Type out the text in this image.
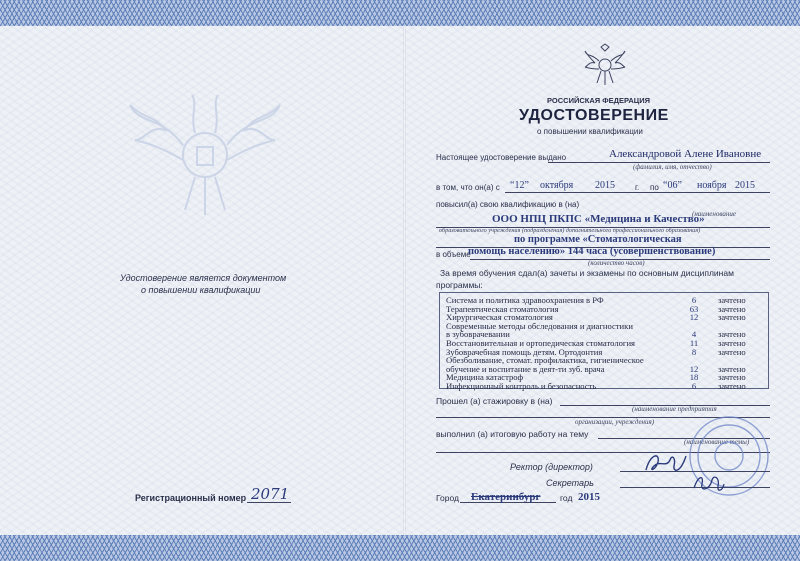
Удостоверение является документом
о повышении квалификации
Регистрационный номер 2071
РОССИЙСКАЯ ФЕДЕРАЦИЯ
УДОСТОВЕРЕНИЕ
о повышении квалификации
Настоящее удостоверение выдано	Александровой Алене Ивановне
(фамилия, имя, отчество)
в том, что он(а) с “12” октября 2015	г. по “06” ноября 2015
повысил(а) свою квалификацию в (на)
(наименование
ООО НПЦ ПКПС «Медицина и Качество»
образовательного учреждения (подразделения) дополнительного профессионального образования)
по программе «Стоматологическая
в объеме
помощь населению» 144 часа (усовершенствование)
(количество часов)
За время обучения сдал(а) зачеты и экзамены по основным дисциплинам
программы:
Система и политика здравоохранения в РФ	6	зачтено
Терапевтическая стоматология	63	зачтено
Хирургическая стоматология	12	зачтено
Современные методы обследования и диагностики		
в зубоврачевании	4	зачтено
Восстановительная и ортопедическая стоматология	11	зачтено
Зубоврачебная помощь детям. Ортодонтия	8	зачтено
Обезболивание, стомат. профилактика, гигиеническое		
обучение и воспитание в деят-ти зуб. врача	12	зачтено
Медицина катастроф	18	зачтено
Инфекционный контроль и безопасность	6	зачтено
Прошел (а) стажировку в (на)
(наименование предприятия
организации, учреждения)
выполнил (а) итоговую работу на тему
(наименование темы)
Ректор (директор)
Секретарь
Город Екатеринбург год 2015
